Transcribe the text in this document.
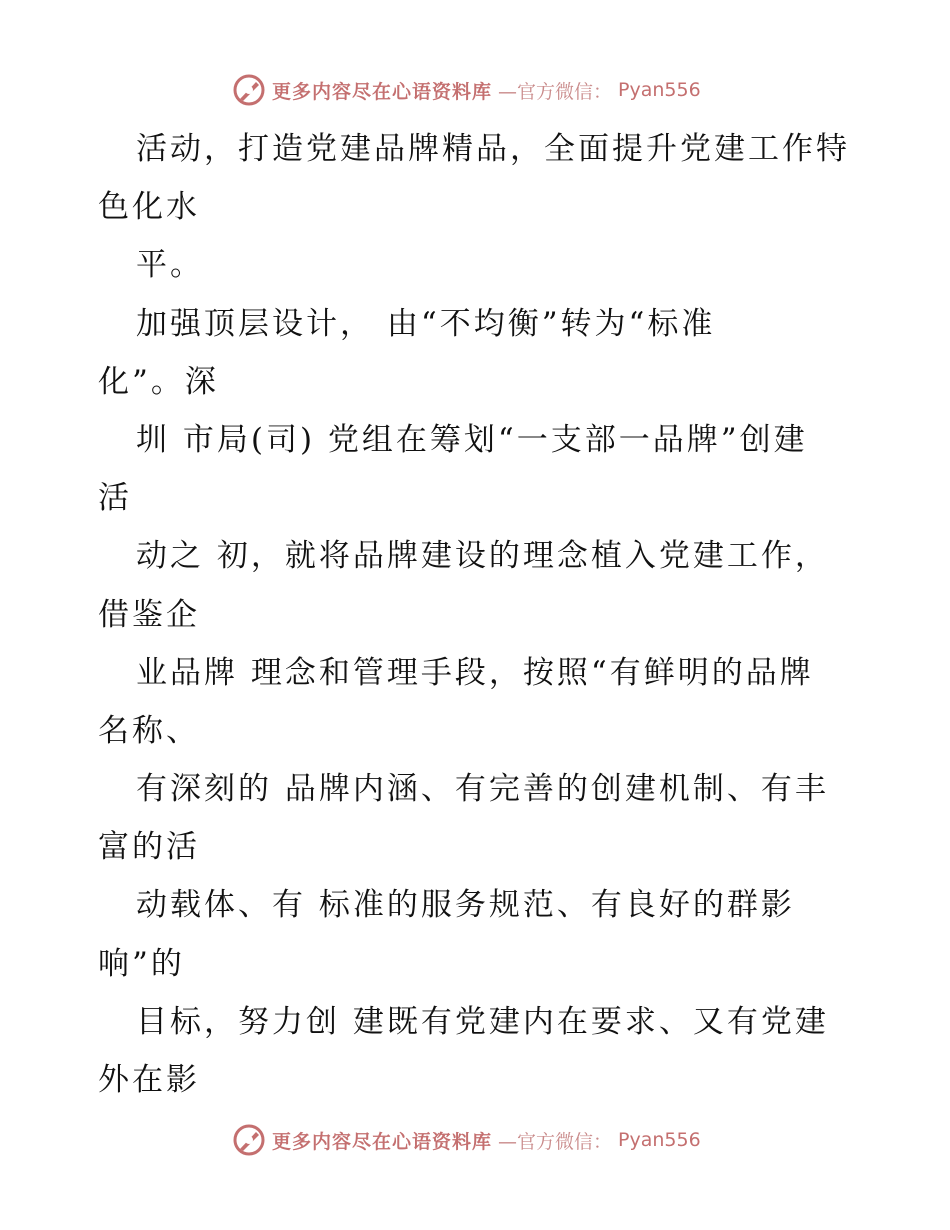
更多内容尽在心语资料库 —官方微信： Pyan556
活动，打造党建品牌精品，全面提升党建工作特
色化水
平。
加强顶层设计， 由“不均衡”转为“标准
化”。深
圳 市局(司) 党组在筹划“一支部一品牌”创建
活
动之 初，就将品牌建设的理念植入党建工作，
借鉴企
业品牌 理念和管理手段，按照“有鲜明的品牌
名称、
有深刻的 品牌内涵、有完善的创建机制、有丰
富的活
动载体、有 标准的服务规范、有良好的群影
响”的
目标，努力创 建既有党建内在要求、又有党建
外在影
更多内容尽在心语资料库 —官方微信： Pyan556
